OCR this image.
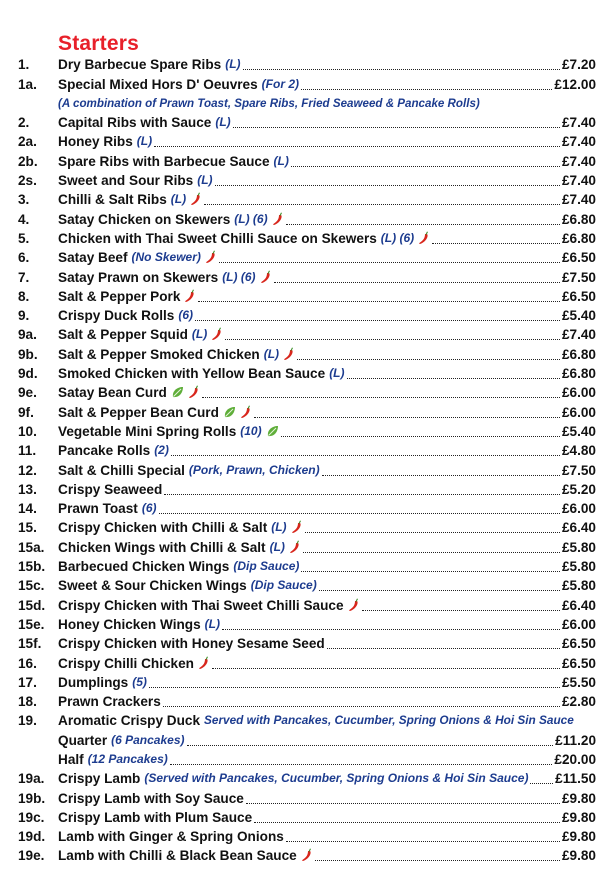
Starters
1.	Dry Barbecue Spare Ribs (L)	£7.20
1a.	Special Mixed Hors D' Oeuvres (For 2)	£12.00
(A combination of Prawn Toast, Spare Ribs, Fried Seaweed & Pancake Rolls)
2.	Capital Ribs with Sauce (L)	£7.40
2a.	Honey Ribs (L)	£7.40
2b.	Spare Ribs with Barbecue Sauce (L)	£7.40
2s.	Sweet and Sour Ribs (L)	£7.40
3.	Chilli & Salt Ribs (L)	£7.40
4.	Satay Chicken on Skewers (L) (6)	£6.80
5.	Chicken with Thai Sweet Chilli Sauce on Skewers (L) (6)	£6.80
6.	Satay Beef (No Skewer)	£6.50
7.	Satay Prawn on Skewers (L) (6)	£7.50
8.	Salt & Pepper Pork	£6.50
9.	Crispy Duck Rolls (6)	£5.40
9a.	Salt & Pepper Squid (L)	£7.40
9b.	Salt & Pepper Smoked Chicken (L)	£6.80
9d.	Smoked Chicken with Yellow Bean Sauce (L)	£6.80
9e.	Satay Bean Curd	£6.00
9f.	Salt & Pepper Bean Curd	£6.00
10.	Vegetable Mini Spring Rolls (10)	£5.40
11.	Pancake Rolls (2)	£4.80
12.	Salt & Chilli Special (Pork, Prawn, Chicken)	£7.50
13.	Crispy Seaweed	£5.20
14.	Prawn Toast (6)	£6.00
15.	Crispy Chicken with Chilli & Salt (L)	£6.40
15a. Chicken Wings with Chilli & Salt (L)	£5.80
15b. Barbecued Chicken Wings (Dip Sauce)	£5.80
15c. Sweet & Sour Chicken Wings (Dip Sauce)	£5.80
15d. Crispy Chicken with Thai Sweet Chilli Sauce	£6.40
15e. Honey Chicken Wings (L)	£6.00
15f.	Crispy Chicken with Honey Sesame Seed	£6.50
16.	Crispy Chilli Chicken	£6.50
17.	Dumplings (5)	£5.50
18.	Prawn Crackers	£2.80
19.	Aromatic Crispy Duck Served with Pancakes, Cucumber, Spring Onions & Hoi Sin Sauce
Quarter (6 Pancakes)	£11.20
Half (12 Pancakes)	£20.00
19a. Crispy Lamb (Served with Pancakes, Cucumber, Spring Onions & Hoi Sin Sauce) £11.50
19b. Crispy Lamb with Soy Sauce	£9.80
19c. Crispy Lamb with Plum Sauce	£9.80
19d. Lamb with Ginger & Spring Onions	£9.80
19e. Lamb with Chilli & Black Bean Sauce	£9.80
